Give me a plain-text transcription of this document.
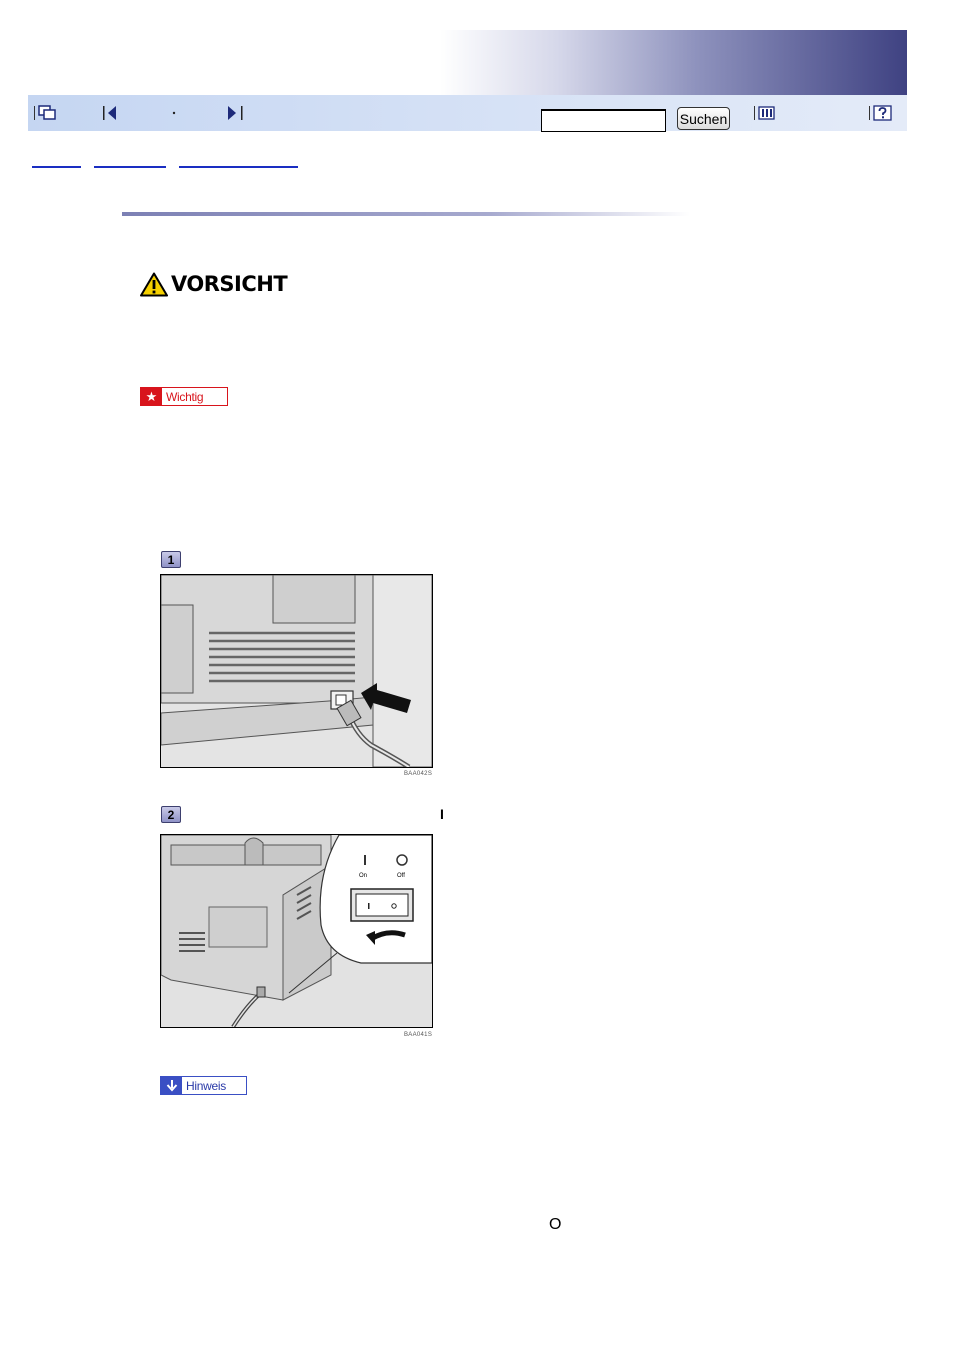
Suchen
VORSICHT
★ Wichtig
1
BAA042S
2	I
On	Off
BAA041S
Hinweis
O
